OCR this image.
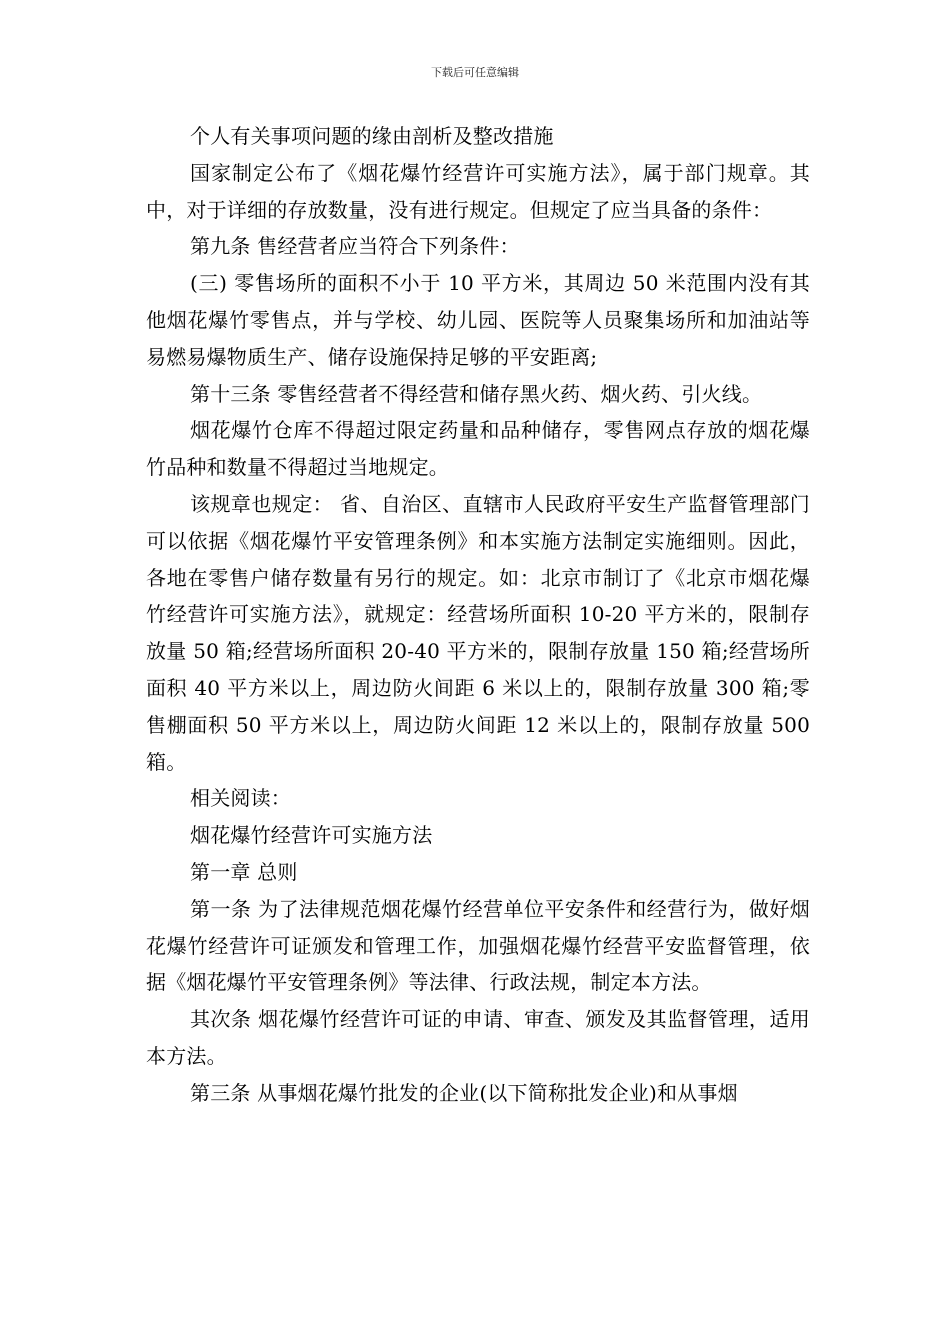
下载后可任意编辑

个人有关事项问题的缘由剖析及整改措施

国家制定公布了《烟花爆竹经营许可实施方法》，属于部门规章。其中，对于详细的存放数量，没有进行规定。但规定了应当具备的条件：

第九条 售经营者应当符合下列条件：

(三) 零售场所的面积不小于 10 平方米，其周边 50 米范围内没有其他烟花爆竹零售点，并与学校、幼儿园、医院等人员聚集场所和加油站等易燃易爆物质生产、储存设施保持足够的平安距离;

第十三条 零售经营者不得经营和储存黑火药、烟火药、引火线。

烟花爆竹仓库不得超过限定药量和品种储存，零售网点存放的烟花爆竹品种和数量不得超过当地规定。

该规章也规定： 省、自治区、直辖市人民政府平安生产监督管理部门可以依据《烟花爆竹平安管理条例》和本实施方法制定实施细则。因此，各地在零售户储存数量有另行的规定。如：北京市制订了《北京市烟花爆竹经营许可实施方法》，就规定：经营场所面积 10-20 平方米的，限制存放量 50 箱;经营场所面积 20-40 平方米的，限制存放量 150 箱;经营场所面积 40 平方米以上，周边防火间距 6 米以上的，限制存放量 300 箱;零售棚面积 50 平方米以上，周边防火间距 12 米以上的，限制存放量 500 箱。

相关阅读：

烟花爆竹经营许可实施方法

第一章 总则

第一条 为了法律规范烟花爆竹经营单位平安条件和经营行为，做好烟花爆竹经营许可证颁发和管理工作，加强烟花爆竹经营平安监督管理，依据《烟花爆竹平安管理条例》等法律、行政法规，制定本方法。

其次条 烟花爆竹经营许可证的申请、审查、颁发及其监督管理，适用本方法。

第三条 从事烟花爆竹批发的企业(以下简称批发企业)和从事烟
